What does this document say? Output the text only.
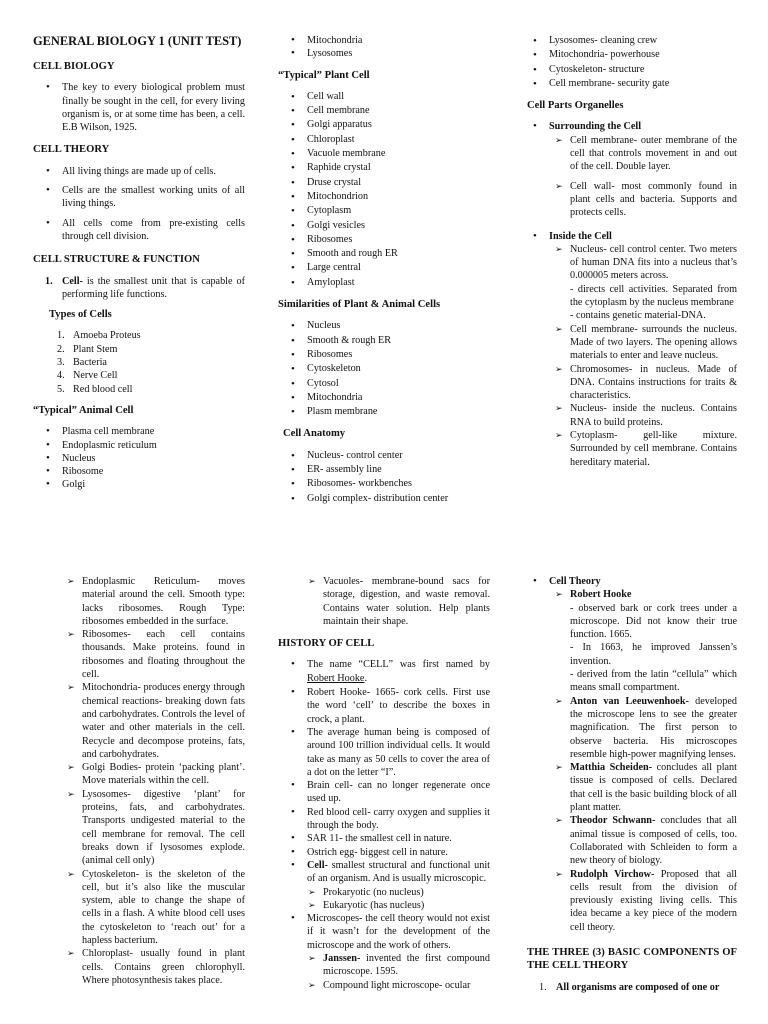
GENERAL BIOLOGY 1 (UNIT TEST)
CELL BIOLOGY
• The key to every biological problem must finally be sought in the cell, for every living organism is, or at some time has been, a cell. E.B Wilson, 1925.
CELL THEORY
• All living things are made up of cells.
• Cells are the smallest working units of all living things.
• All cells come from pre-existing cells through cell division.
CELL STRUCTURE & FUNCTION
1. Cell- is the smallest unit that is capable of performing life functions.
Types of Cells
1. Amoeba Proteus
2. Plant Stem
3. Bacteria
4. Nerve Cell
5. Red blood cell
“Typical” Animal Cell
• Plasma cell membrane
• Endoplasmic reticulum
• Nucleus
• Ribosome
• Golgi
• Mitochondria
• Lysosomes
“Typical” Plant Cell
• Cell wall
• Cell membrane
• Golgi apparatus
• Chloroplast
• Vacuole membrane
• Raphide crystal
• Druse crystal
• Mitochondrion
• Cytoplasm
• Golgi vesicles
• Ribosomes
• Smooth and rough ER
• Large central
• Amyloplast
Similarities of Plant & Animal Cells
• Nucleus
• Smooth & rough ER
• Ribosomes
• Cytoskeleton
• Cytosol
• Mitochondria
• Plasm membrane
Cell Anatomy
• Nucleus- control center
• ER- assembly line
• Ribosomes- workbenches
• Golgi complex- distribution center
• Lysosomes- cleaning crew
• Mitochondria- powerhouse
• Cytoskeleton- structure
• Cell membrane- security gate
Cell Parts Organelles
• Surrounding the Cell
➢ Cell membrane- outer membrane of the cell that controls movement in and out of the cell. Double layer.
➢ Cell wall- most commonly found in plant cells and bacteria. Supports and protects cells.
• Inside the Cell
➢ Nucleus- cell control center. Two meters of human DNA fits into a nucleus that’s 0.000005 meters across.
- directs cell activities. Separated from the cytoplasm by the nucleus membrane
- contains genetic material-DNA.
➢ Cell membrane- surrounds the nucleus. Made of two layers. The opening allows materials to enter and leave nucleus.
➢ Chromosomes- in nucleus. Made of DNA. Contains instructions for traits & characteristics.
➢ Nucleus- inside the nucleus. Contains RNA to build proteins.
➢ Cytoplasm- gell-like mixture. Surrounded by cell membrane. Contains hereditary material.
➢ Endoplasmic Reticulum- moves material around the cell. Smooth type: lacks ribosomes. Rough Type: ribosomes embedded in the surface.
➢ Ribosomes- each cell contains thousands. Make proteins. found in ribosomes and floating throughout the cell.
➢ Mitochondria- produces energy through chemical reactions- breaking down fats and carbohydrates. Controls the level of water and other materials in the cell. Recycle and decompose proteins, fats, and carbohydrates.
➢ Golgi Bodies- protein ‘packing plant’. Move materials within the cell.
➢ Lysosomes- digestive ‘plant’ for proteins, fats, and carbohydrates. Transports undigested material to the cell membrane for removal. The cell breaks down if lysosomes explode. (animal cell only)
➢ Cytoskeleton- is the skeleton of the cell, but it’s also like the muscular system, able to change the shape of cells in a flash. A white blood cell uses the cytoskeleton to ‘reach out’ for a hapless bacterium.
➢ Chloroplast- usually found in plant cells. Contains green chlorophyll. Where photosynthesis takes place.
➢ Vacuoles- membrane-bound sacs for storage, digestion, and waste removal. Contains water solution. Help plants maintain their shape.
HISTORY OF CELL
• The name “CELL” was first named by Robert Hooke.
• Robert Hooke- 1665- cork cells. First use the word ‘cell’ to describe the boxes in crock, a plant.
• The average human being is composed of around 100 trillion individual cells. It would take as many as 50 cells to cover the area of a dot on the letter “I”.
• Brain cell- can no longer regenerate once used up.
• Red blood cell- carry oxygen and supplies it through the body.
• SAR 11- the smallest cell in nature.
• Ostrich egg- biggest cell in nature.
• Cell- smallest structural and functional unit of an organism. And is usually microscopic.
➢ Prokaryotic (no nucleus)
➢ Eukaryotic (has nucleus)
• Microscopes- the cell theory would not exist if it wasn’t for the development of the microscope and the work of others.
➢ Janssen- invented the first compound microscope. 1595.
➢ Compound light microscope- ocular
• Cell Theory
➢ Robert Hooke
- observed bark or cork trees under a microscope. Did not know their true function. 1665.
- In 1663, he improved Janssen’s invention.
- derived from the latin “cellula” which means small compartment.
➢ Anton van Leeuwenhoek- developed the microscope lens to see the greater magnification. The first person to observe bacteria. His microscopes resemble high-power magnifying lenses.
➢ Matthia Scheiden- concludes all plant tissue is composed of cells. Declared that cell is the basic building block of all plant matter.
➢ Theodor Schwann- concludes that all animal tissue is composed of cells, too. Collaborated with Schleiden to form a new theory of biology.
➢ Rudolph Virchow- Proposed that all cells result from the division of previously existing living cells. This idea became a key piece of the modern cell theory.
THE THREE (3) BASIC COMPONENTS OF THE CELL THEORY
1. All organisms are composed of one or
